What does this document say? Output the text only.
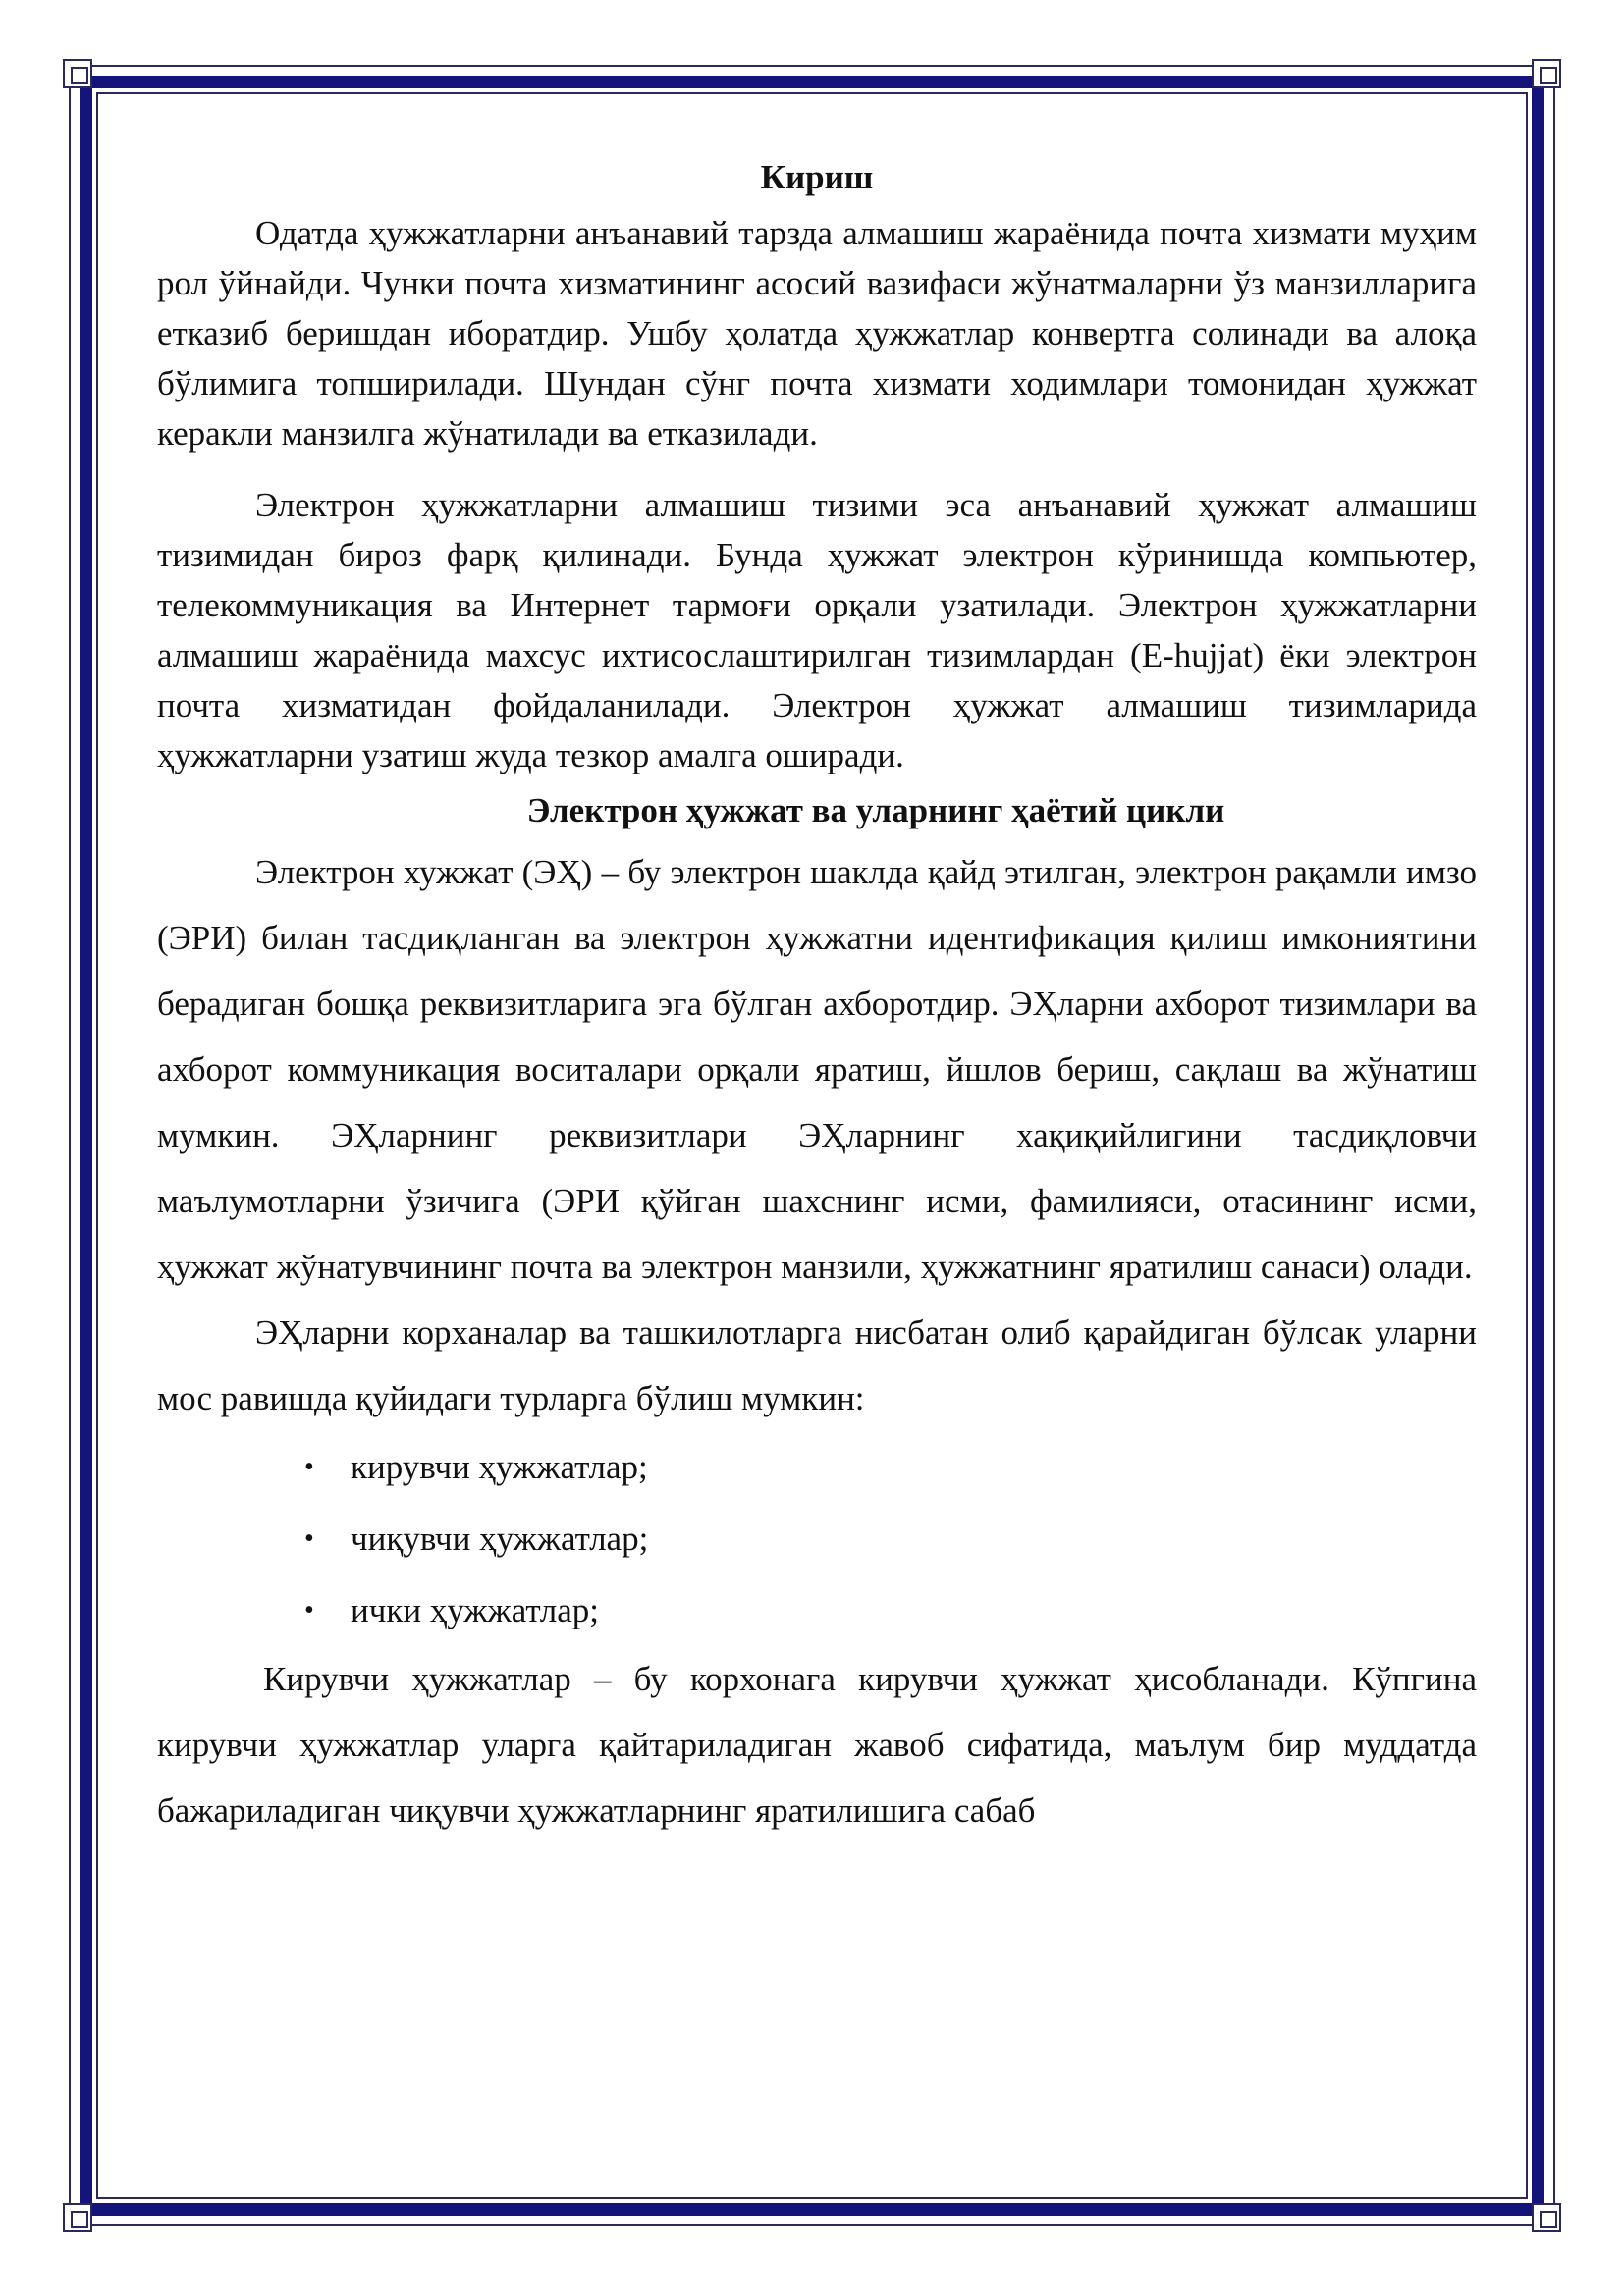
Кириш

Одатда ҳужжатларни анъанавий тарзда алмашиш жараёнида почта хизмати муҳим рол ўйнайди. Чунки почта хизматининг асосий вазифаси жўнатмаларни ўз манзилларига етказиб беришдан иборатдир. Ушбу ҳолатда ҳужжатлар конвертга солинади ва алоқа бўлимига топширилади. Шундан сўнг почта хизмати ходимлари томонидан ҳужжат керакли манзилга жўнатилади ва етказилади.

Электрон ҳужжатларни алмашиш тизими эса анъанавий ҳужжат алмашиш тизимидан бироз фарқ қилинади. Бунда ҳужжат электрон кўринишда компьютер, телекоммуникация ва Интернет тармоғи орқали узатилади. Электрон ҳужжатларни алмашиш жараёнида махсус ихтисослаштирилган тизимлардан (E-hujjat) ёки электрон почта хизматидан фойдаланилади. Электрон ҳужжат алмашиш тизимларида ҳужжатларни узатиш жуда тезкор амалга оширади.

Электрон ҳужжат ва уларнинг ҳаётий цикли

Электрон хужжат (ЭҲ) – бу электрон шаклда қайд этилган, электрон рақамли имзо (ЭРИ) билан тасдиқланган ва электрон ҳужжатни идентификация қилиш имкониятини берадиган бошқа реквизитларига эга бўлган ахборотдир. ЭҲларни ахборот тизимлари ва ахборот коммуникация воситалари орқали яратиш, йшлов бериш, сақлаш ва жўнатиш мумкин. ЭҲларнинг реквизитлари ЭҲларнинг хақиқийлигини тасдиқловчи маълумотларни ўзичига (ЭРИ қўйган шахснинг исми, фамилияси, отасининг исми, ҳужжат жўнатувчининг почта ва электрон манзили, ҳужжатнинг яратилиш санаси) олади.

ЭҲларни корханалар ва ташкилотларга нисбатан олиб қарайдиган бўлсак уларни мос равишда қуйидаги турларга бўлиш мумкин:

• кирувчи ҳужжатлар;
• чиқувчи ҳужжатлар;
• ички ҳужжатлар;

Кирувчи ҳужжатлар – бу корхонага кирувчи ҳужжат ҳисобланади. Кўпгина кирувчи ҳужжатлар уларга қайтариладиган жавоб сифатида, маълум бир муддатда бажариладиган чиқувчи ҳужжатларнинг яратилишига сабаб
